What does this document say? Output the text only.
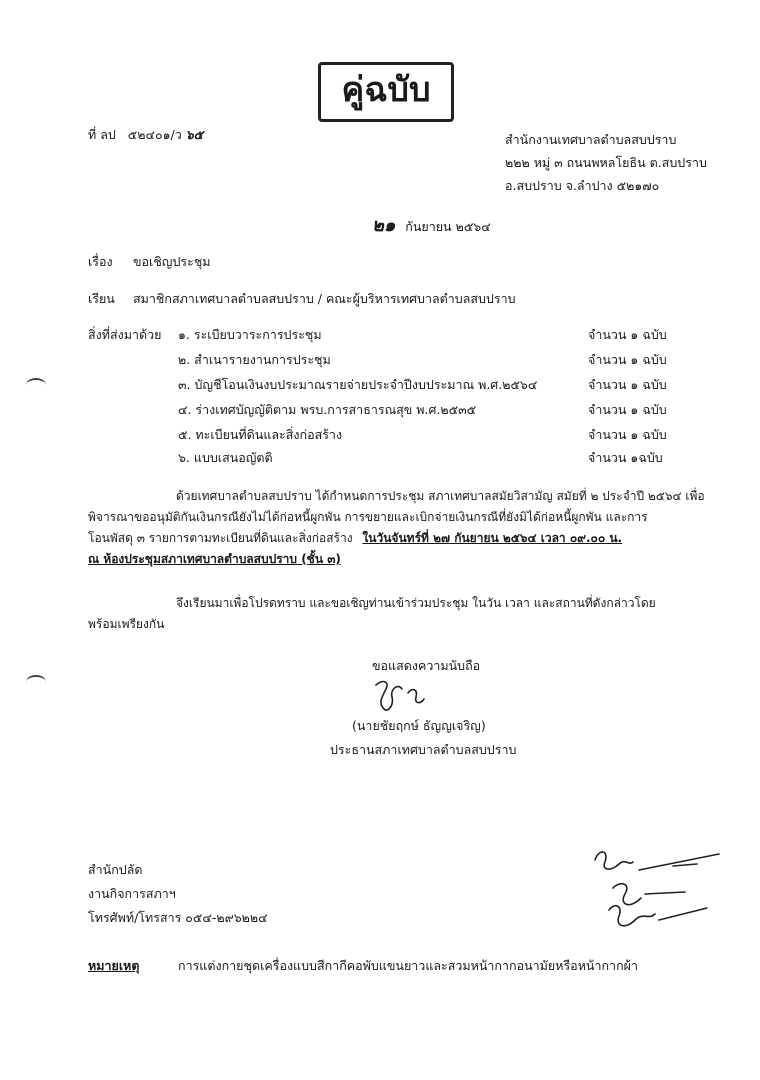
คู่ฉบับ
ที่ ลป ๕๒๔๐๑/ว ๖๕	สำนักงานเทศบาลตำบลสบปราบ
๒๒๒ หมู่ ๓ ถนนพหลโยธิน ต.สบปราบ
อ.สบปราบ จ.ลำปาง ๕๒๑๗๐
๒๑ กันยายน ๒๕๖๔
เรื่อง ขอเชิญประชุม
เรียน สมาชิกสภาเทศบาลตำบลสบปราบ / คณะผู้บริหารเทศบาลตำบลสบปราบ
สิ่งที่ส่งมาด้วย ๑. ระเบียบวาระการประชุม	จำนวน ๑ ฉบับ
๒. สำเนารายงานการประชุม	จำนวน ๑ ฉบับ
๓. บัญชีโอนเงินงบประมาณรายจ่ายประจำปีงบประมาณ พ.ศ.๒๕๖๔	จำนวน ๑ ฉบับ
๔. ร่างเทศบัญญัติตาม พรบ.การสาธารณสุข พ.ศ.๒๕๓๕	จำนวน ๑ ฉบับ
๕. ทะเบียนที่ดินและสิ่งก่อสร้าง	จำนวน ๑ ฉบับ
๖. แบบเสนอญัตติ	จำนวน ๑ฉบับ
ด้วยเทศบาลตำบลสบปราบ ได้กำหนดการประชุม สภาเทศบาลสมัยวิสามัญ สมัยที่ ๒ ประจำปี ๒๕๖๔ เพื่อ
พิจารณาขออนุมัติกันเงินกรณียังไม่ได้ก่อหนี้ผูกพัน การขยายและเบิกจ่ายเงินกรณีที่ยังมิได้ก่อหนี้ผูกพัน และการ
โอนพัสดุ ๓ รายการตามทะเบียนที่ดินและสิ่งก่อสร้าง ในวันจันทร์ที่ ๒๗ กันยายน ๒๕๖๔ เวลา ๐๙.๐๐ น.
ณ ห้องประชุมสภาเทศบาลตำบลสบปราบ (ชั้น ๓)
จึงเรียนมาเพื่อโปรดทราบ และขอเชิญท่านเข้าร่วมประชุม ในวัน เวลา และสถานที่ดังกล่าวโดย
พร้อมเพรียงกัน
ขอแสดงความนับถือ
(นายชัยฤกษ์ ธัญญเจริญ)
ประธานสภาเทศบาลตำบลสบปราบ
สำนักปลัด
งานกิจการสภาฯ
โทรศัพท์/โทรสาร ๐๕๔-๒๙๖๒๒๔
หมายเหตุ	การแต่งกายชุดเครื่องแบบสีกากีคอพับแขนยาวและสวมหน้ากากอนามัยหรือหน้ากากผ้า
